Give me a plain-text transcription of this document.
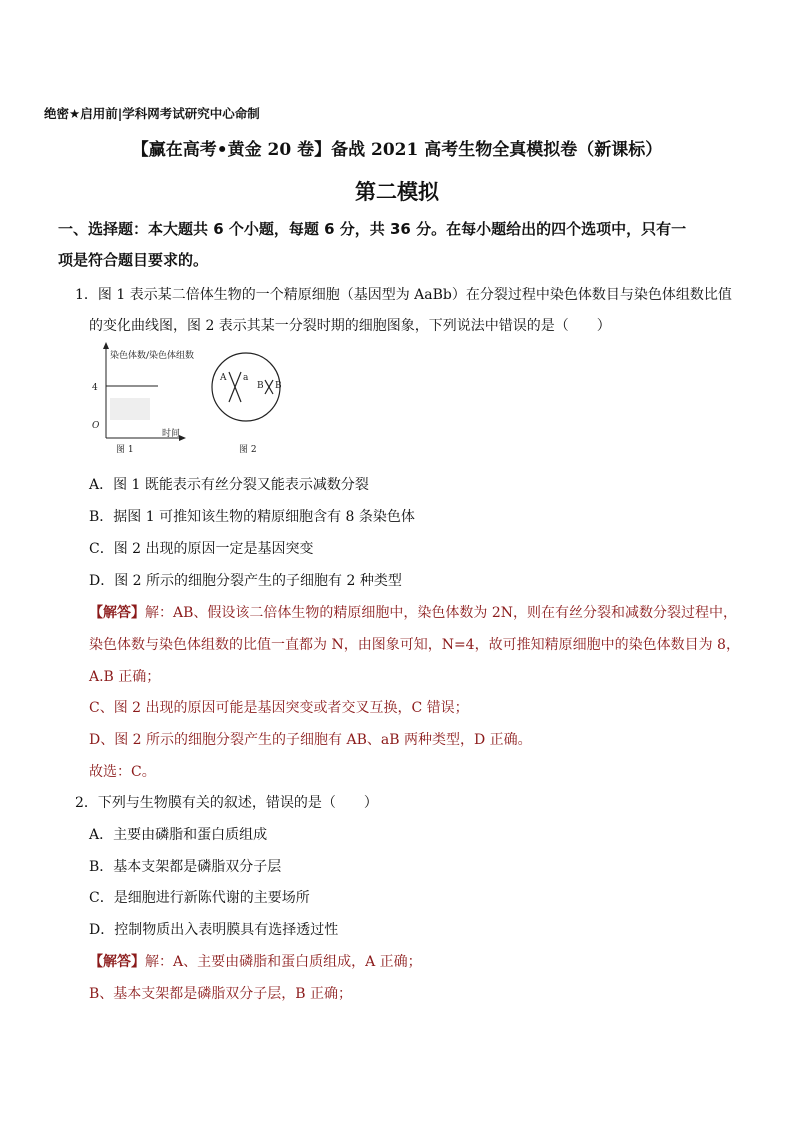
绝密★启用前|学科网考试研究中心命制
【赢在高考•黄金 20 卷】备战 2021 高考生物全真模拟卷（新课标）
第二模拟
一、选择题：本大题共 6 个小题，每题 6 分，共 36 分。在每小题给出的四个选项中，只有一
项是符合题目要求的。
1．图 1 表示某二倍体生物的一个精原细胞（基因型为 AaBb）在分裂过程中染色体数目与染色体组数比值
的变化曲线图，图 2 表示其某一分裂时期的细胞图象，下列说法中错误的是（　　）
染色体数/染色体组数
4
O
时间
图 1
A a
B B
图 2
A．图 1 既能表示有丝分裂又能表示减数分裂
B．据图 1 可推知该生物的精原细胞含有 8 条染色体
C．图 2 出现的原因一定是基因突变
D．图 2 所示的细胞分裂产生的子细胞有 2 种类型
【解答】解：AB、假设该二倍体生物的精原细胞中，染色体数为 2N，则在有丝分裂和减数分裂过程中，
染色体数与染色体组数的比值一直都为 N，由图象可知，N=4，故可推知精原细胞中的染色体数目为 8，
A.B 正确；
C、图 2 出现的原因可能是基因突变或者交叉互换，C 错误；
D、图 2 所示的细胞分裂产生的子细胞有 AB、aB 两种类型，D 正确。
故选：C。
2．下列与生物膜有关的叙述，错误的是（　　）
A．主要由磷脂和蛋白质组成
B．基本支架都是磷脂双分子层
C．是细胞进行新陈代谢的主要场所
D．控制物质出入表明膜具有选择透过性
【解答】解：A、主要由磷脂和蛋白质组成，A 正确；
B、基本支架都是磷脂双分子层，B 正确；
